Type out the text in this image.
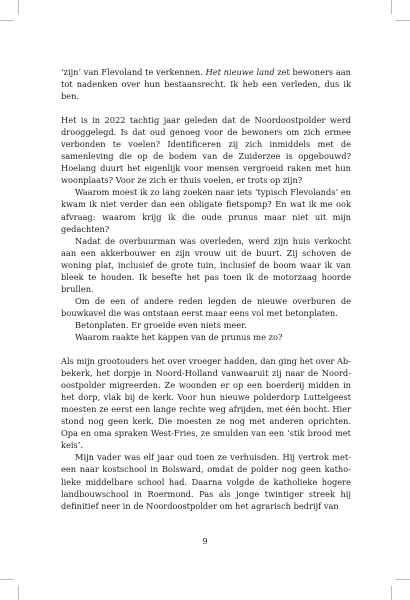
‘zijn’ van Flevoland te verkennen. Het nieuwe land zet bewoners aan tot nadenken over hun bestaansrecht. Ik heb een verleden, dus ik ben.

Het is in 2022 tachtig jaar geleden dat de Noordoostpolder werd drooggelegd. Is dat oud genoeg voor de bewoners om zich ermee verbonden te voelen? Identificeren zij zich inmiddels met de samenleving die op de bodem van de Zuiderzee is opgebouwd? Hoelang duurt het eigenlijk voor mensen vergroeid raken met hun woonplaats? Voor ze zich er thuis voelen, er trots op zijn?

Waarom moest ik zo lang zoeken naar iets ‘typisch Flevolands’ en kwam ik niet verder dan een obligate fietspomp? En wat ik me ook afvraag: waarom krijg ik die oude prunus maar niet uit mijn gedachten?

Nadat de overbuurman was overleden, werd zijn huis verkocht aan een akkerbouwer en zijn vrouw uit de buurt. Zij schoven de woning plat, inclusief de grote tuin, inclusief de boom waar ik van bleek te houden. Ik besefte het pas toen ik de motorzaag hoorde brullen.

Om de een of andere reden legden de nieuwe overburen de bouwkavel die was ontstaan eerst maar eens vol met betonplaten.

Betonplaten. Er groeide even niets meer.

Waarom raakte het kappen van de prunus me zo?

Als mijn grootouders het over vroeger hadden, dan ging het over Abbekerk, het dorpje in Noord-Holland vanwaaruit zij naar de Noordoostpolder migreerden. Ze woonden er op een boerderij midden in het dorp, vlak bij de kerk. Voor hun nieuwe polderdorp Luttelgeest moesten ze eerst een lange rechte weg afrijden, met één bocht. Hier stond nog geen kerk. Die moesten ze nog met anderen oprichten. Opa en oma spraken West-Fries, ze smulden van een ‘stik brood met keis’.

Mijn vader was elf jaar oud toen ze verhuisden. Hij vertrok meteen naar kostschool in Bolsward, omdat de polder nog geen katholieke middelbare school had. Daarna volgde de katholieke hogere landbouwschool in Roermond. Pas als jonge twintiger streek hij definitief neer in de Noordoostpolder om het agrarisch bedrijf van

9
